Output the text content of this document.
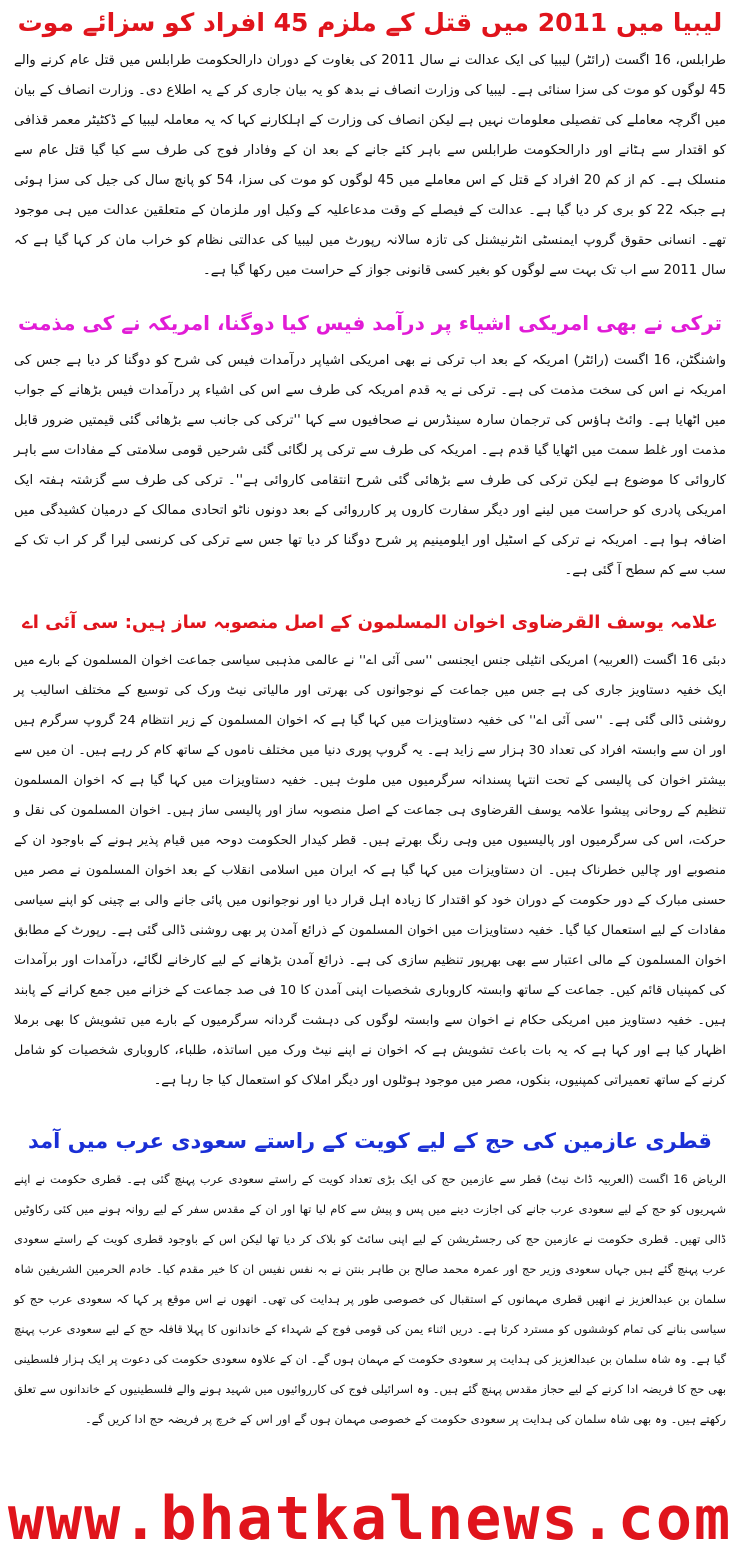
لیبیا میں 2011 میں قتل کے ملزم 45 افراد کو سزائے موت

طرابلس، 16 اگست (رائٹر) لیبیا کی ایک عدالت نے سال 2011 کی بغاوت کے دوران دارالحکومت طرابلس میں قتل عام کرنے والے 45 لوگوں کو موت کی سزا سنائی ہے۔ لیبیا کی وزارت انصاف نے بدھ کو یہ بیان جاری کر کے یہ اطلاع دی۔ وزارت انصاف کے بیان میں اگرچہ معاملے کی تفصیلی معلومات نہیں ہے لیکن انصاف کی وزارت کے اہلکارنے کہا کہ یہ معاملہ لیبیا کے ڈکٹیٹر معمر قذافی کو اقتدار سے ہٹانے اور دارالحکومت طرابلس سے باہر کئے جانے کے بعد ان کے وفادار فوج کی طرف سے کیا گیا قتل عام سے منسلک ہے۔ کم از کم 20 افراد کے قتل کے اس معاملے میں 45 لوگوں کو موت کی سزا، 54 کو پانچ سال کی جیل کی سزا ہوئی ہے جبکہ 22 کو بری کر دیا گیا ہے۔ عدالت کے فیصلے کے وقت مدعاعلیہ کے وکیل اور ملزمان کے متعلقین عدالت میں ہی موجود تھے۔ انسانی حقوق گروپ ایمنسٹی انٹرنیشنل کی تازہ سالانہ رپورٹ میں لیبیا کی عدالتی نظام کو خراب مان کر کہا گیا ہے کہ سال 2011 سے اب تک بہت سے لوگوں کو بغیر کسی قانونی جواز کے حراست میں رکھا گیا ہے۔

ترکی نے بھی امریکی اشیاء پر درآمد فیس کیا دوگنا، امریکہ نے کی مذمت

واشنگٹن، 16 اگست (رائٹر) امریکہ کے بعد اب ترکی نے بھی امریکی اشیاپر درآمدات فیس کی شرح کو دوگنا کر دیا ہے جس کی امریکہ نے اس کی سخت مذمت کی ہے۔ ترکی نے یہ قدم امریکہ کی طرف سے اس کی اشیاء پر درآمدات فیس بڑھانے کے جواب میں اٹھایا ہے۔ وائٹ ہاؤس کی ترجمان سارہ سینڈرس نے صحافیوں سے کہا ''ترکی کی جانب سے بڑھائی گئی قیمتیں ضرور قابل مذمت اور غلط سمت میں اٹھایا گیا قدم ہے۔ امریکہ کی طرف سے ترکی پر لگائی گئی شرحیں قومی سلامتی کے مفادات سے باہر کاروائی کا موضوع ہے لیکن ترکی کی طرف سے بڑھائی گئی شرح انتقامی کاروائی ہے''۔ ترکی کی طرف سے گزشتہ ہفتہ ایک امریکی پادری کو حراست میں لینے اور دیگر سفارت کاروں پر کارروائی کے بعد دونوں ناٹو اتحادی ممالک کے درمیان کشیدگی میں اضافہ ہوا ہے۔ امریکہ نے ترکی کے اسٹیل اور ایلومینیم پر شرح دوگنا کر دیا تھا جس سے ترکی کی کرنسی لیرا گر کر اب تک کے سب سے کم سطح آ گئی ہے۔

علامہ یوسف القرضاوی اخوان المسلمون کے اصل منصوبہ ساز ہیں: سی آئی اے

دبئی 16 اگست (العربیہ) امریکی انٹیلی جنس ایجنسی ''سی آئی اے'' نے عالمی مذہبی سیاسی جماعت اخوان المسلمون کے بارے میں ایک خفیہ دستاویز جاری کی ہے جس میں جماعت کے نوجوانوں کی بھرتی اور مالیاتی نیٹ ورک کی توسیع کے مختلف اسالیب پر روشنی ڈالی گئی ہے۔ ''سی آئی اے'' کی خفیہ دستاویزات میں کہا گیا ہے کہ اخوان المسلمون کے زیر انتظام 24 گروپ سرگرم ہیں اور ان سے وابستہ افراد کی تعداد 30 ہزار سے زاید ہے۔ یہ گروپ پوری دنیا میں مختلف ناموں کے ساتھ کام کر رہے ہیں۔ ان میں سے بیشتر اخوان کی پالیسی کے تحت انتہا پسندانہ سرگرمیوں میں ملوث ہیں۔ خفیہ دستاویزات میں کہا گیا ہے کہ اخوان المسلمون تنظیم کے روحانی پیشوا علامہ یوسف القرضاوی ہی جماعت کے اصل منصوبہ ساز اور پالیسی ساز ہیں۔ اخوان المسلمون کی نقل و حرکت، اس کی سرگرمیوں اور پالیسیوں میں وہی رنگ بھرتے ہیں۔ قطر کیدار الحکومت دوحہ میں قیام پذیر ہونے کے باوجود ان کے منصوبے اور چالیں خطرناک ہیں۔ ان دستاویزات میں کہا گیا ہے کہ ایران میں اسلامی انقلاب کے بعد اخوان المسلمون نے مصر میں حسنی مبارک کے دور حکومت کے دوران خود کو اقتدار کا زیادہ اہل قرار دیا اور نوجوانوں میں پائی جانے والی بے چینی کو اپنے سیاسی مفادات کے لیے استعمال کیا گیا۔ خفیہ دستاویزات میں اخوان المسلمون کے ذرائع آمدن پر بھی روشنی ڈالی گئی ہے۔ رپورٹ کے مطابق اخوان المسلمون کے مالی اعتبار سے بھی بھرپور تنظیم سازی کی ہے۔ ذرائع آمدن بڑھانے کے لیے کارخانے لگائے، درآمدات اور برآمدات کی کمپنیاں قائم کیں۔ جماعت کے ساتھ وابستہ کاروباری شخصیات اپنی آمدن کا 10 فی صد جماعت کے خزانے میں جمع کرانے کے پابند ہیں۔ خفیہ دستاویز میں امریکی حکام نے اخوان سے وابستہ لوگوں کی دہشت گردانہ سرگرمیوں کے بارے میں تشویش کا بھی برملا اظہار کیا ہے اور کہا ہے کہ یہ بات باعث تشویش ہے کہ اخوان نے اپنے نیٹ ورک میں اساتذہ، طلباء، کاروباری شخصیات کو شامل کرنے کے ساتھ تعمیراتی کمپنیوں، بنکوں، مصر میں موجود ہوٹلوں اور دیگر املاک کو استعمال کیا جا رہا ہے۔

قطری عازمین کی حج کے لیے کویت کے راستے سعودی عرب میں آمد

الریاض 16 اگست (العربیہ ڈاٹ نیٹ) قطر سے عازمین حج کی ایک بڑی تعداد کویت کے راستے سعودی عرب پہنچ گئی ہے۔ قطری حکومت نے اپنے شہریوں کو حج کے لیے سعودی عرب جانے کی اجازت دینے میں پس و پیش سے کام لیا تھا اور ان کے مقدس سفر کے لیے روانہ ہونے میں کئی رکاوٹیں ڈالی تھیں۔ قطری حکومت نے عازمین حج کی رجسٹریشن کے لیے اپنی سائٹ کو بلاک کر دیا تھا لیکن اس کے باوجود قطری کویت کے راستے سعودی عرب پہنچ گئے ہیں جہاں سعودی وزیر حج اور عمرہ محمد صالح بن طاہر بنتن نے بہ نفس نفیس ان کا خیر مقدم کیا۔ خادم الحرمین الشریفین شاہ سلمان بن عبدالعزیز نے انھیں قطری مہمانوں کے استقبال کی خصوصی طور پر ہدایت کی تھی۔ انھوں نے اس موقع پر کہا کہ سعودی عرب حج کو سیاسی بنانے کی تمام کوششوں کو مسترد کرتا ہے۔ دریں اثناء یمن کی قومی فوج کے شہداء کے خاندانوں کا پہلا قافلہ حج کے لیے سعودی عرب پہنچ گیا ہے۔ وہ شاہ سلمان بن عبدالعزیز کی ہدایت پر سعودی حکومت کے مہمان ہوں گے۔ ان کے علاوہ سعودی حکومت کی دعوت پر ایک ہزار فلسطینی بھی حج کا فریضہ ادا کرنے کے لیے حجاز مقدس پہنچ گئے ہیں۔ وہ اسرائیلی فوج کی کارروائیوں میں شہید ہونے والے فلسطینیوں کے خاندانوں سے تعلق رکھتے ہیں۔ وہ بھی شاہ سلمان کی ہدایت پر سعودی حکومت کے خصوصی مہمان ہوں گے اور اس کے خرچ پر فریضہ حج ادا کریں گے۔

www.bhatkalnews.com
